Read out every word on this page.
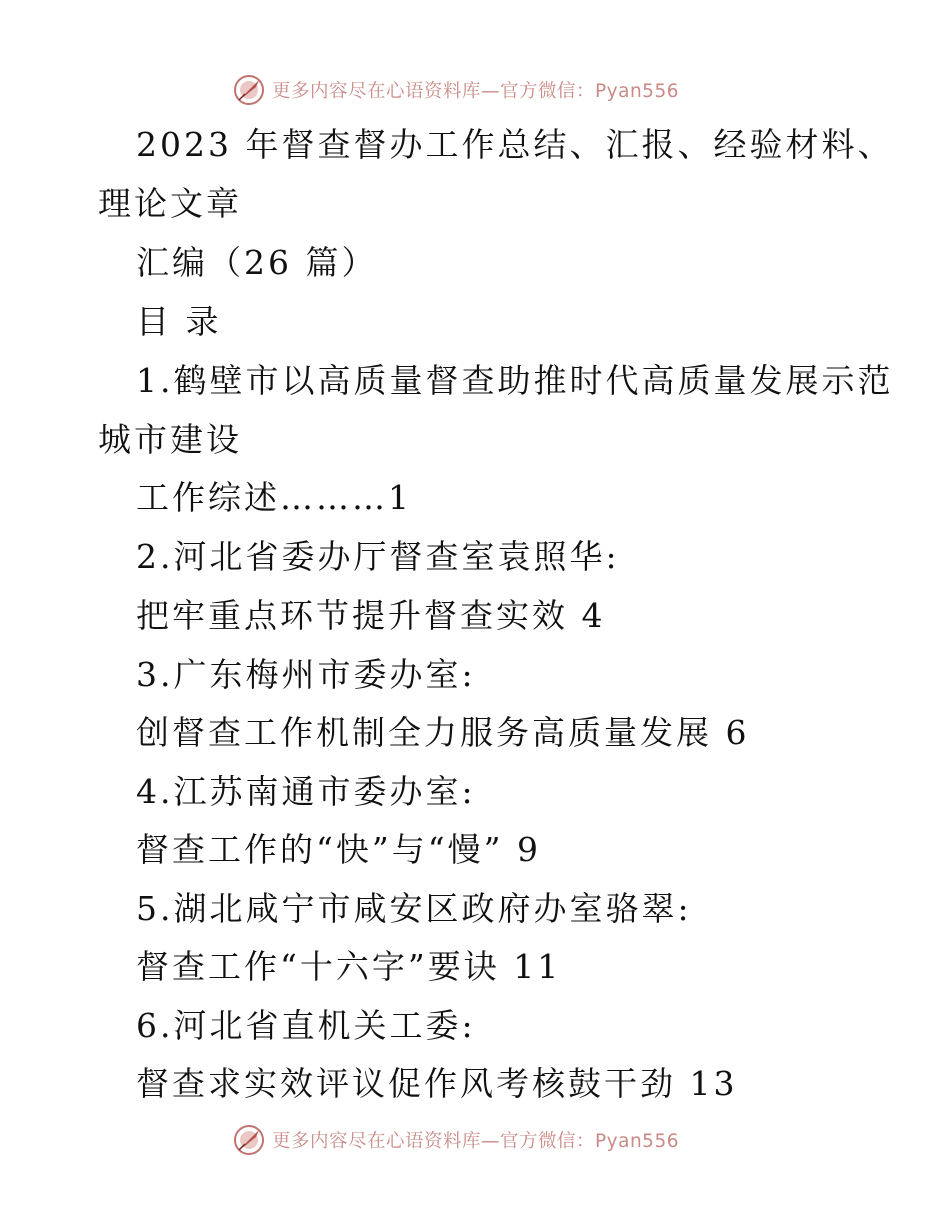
更多内容尽在心语资料库—官方微信：Pyan556
2023 年督查督办工作总结、汇报、经验材料、
理论文章
汇编（26 篇）
目 录
1.鹤壁市以高质量督查助推时代高质量发展示范
城市建设
工作综述………1
2.河北省委办厅督查室袁照华:
把牢重点环节提升督查实效 4
3.广东梅州市委办室:
创督查工作机制全力服务高质量发展 6
4.江苏南通市委办室:
督查工作的“快”与“慢” 9
5.湖北咸宁市咸安区政府办室骆翠:
督查工作“十六字”要诀 11
6.河北省直机关工委:
督查求实效评议促作风考核鼓干劲 13
更多内容尽在心语资料库—官方微信：Pyan556
